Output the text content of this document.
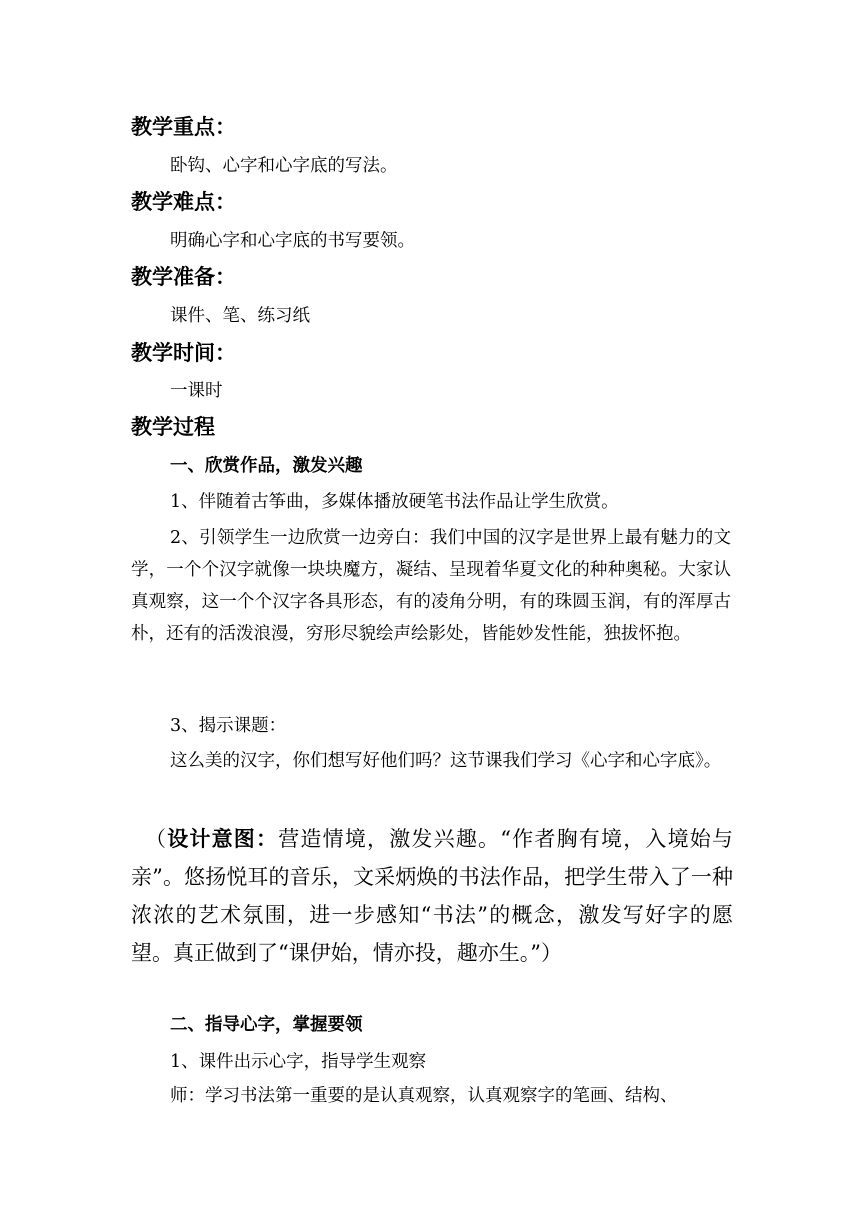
教学重点：
卧钩、心字和心字底的写法。
教学难点：
明确心字和心字底的书写要领。
教学准备：
课件、笔、练习纸
教学时间：
一课时
教学过程
一、欣赏作品，激发兴趣
1、伴随着古筝曲，多媒体播放硬笔书法作品让学生欣赏。
2、引领学生一边欣赏一边旁白：我们中国的汉字是世界上最有魅力的文学，一个个汉字就像一块块魔方，凝结、呈现着华夏文化的种种奥秘。大家认真观察，这一个个汉字各具形态，有的凌角分明，有的珠圆玉润，有的浑厚古朴，还有的活泼浪漫，穷形尽貌绘声绘影处，皆能妙发性能，独拔怀抱。
3、揭示课题：
这么美的汉字，你们想写好他们吗？这节课我们学习《心字和心字底》。
（设计意图：营造情境，激发兴趣。“作者胸有境，入境始与亲”。悠扬悦耳的音乐，文采炳焕的书法作品，把学生带入了一种浓浓的艺术氛围，进一步感知“书法”的概念，激发写好字的愿望。真正做到了“课伊始，情亦投，趣亦生。”）
二、指导心字，掌握要领
1、课件出示心字，指导学生观察
师：学习书法第一重要的是认真观察，认真观察字的笔画、结构、
